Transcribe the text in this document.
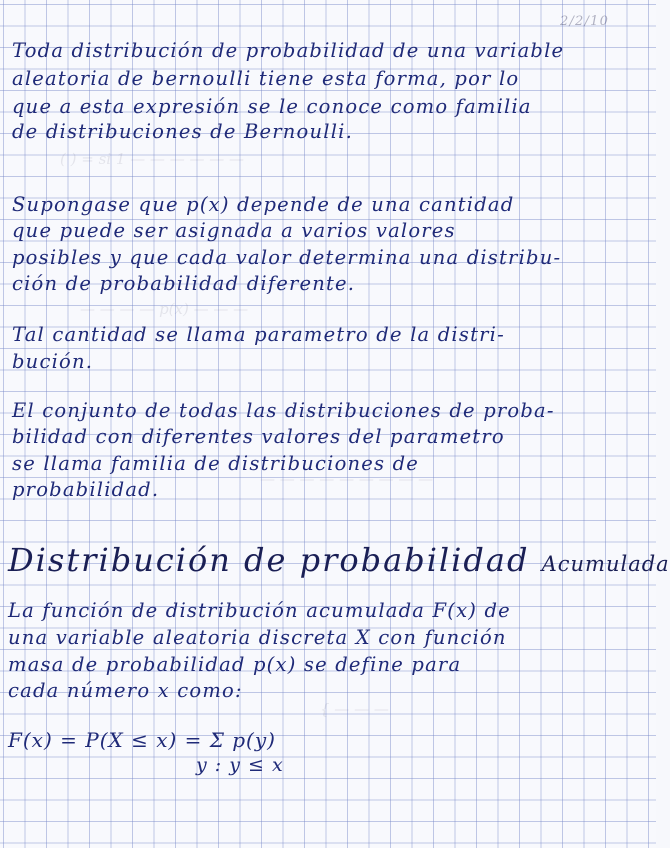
( ) = si 1 — — — — — —
— — — — p(x) — — —
— — — — — — — — —
{ — — —
2/2/10
Toda distribución de probabilidad de una variable
aleatoria de bernoulli tiene esta forma, por lo
que a esta expresión se le conoce como familia
de distribuciones de Bernoulli.
Supongase que p(x) depende de una cantidad
que puede ser asignada a varios valores
posibles y que cada valor determina una distribu-
ción de probabilidad diferente.
Tal cantidad se llama parametro de la distri-
bución.
El conjunto de todas las distribuciones de proba-
bilidad con diferentes valores del parametro
se llama familia de distribuciones de
probabilidad.
Distribución de probabilidad Acumulada
La función de distribución acumulada F(x) de
una variable aleatoria discreta X con función
masa de probabilidad p(x) se define para
cada número x como:
F(x) = P(X ≤ x) = Σ p(y)
y : y ≤ x
